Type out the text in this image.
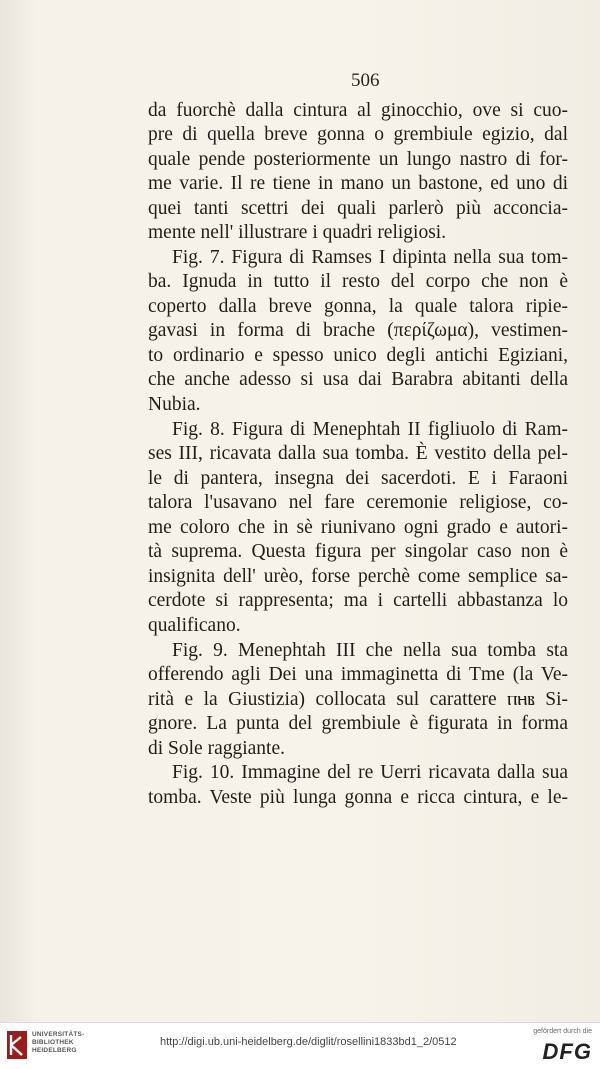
506
da fuorchè dalla cintura al ginocchio, ove si cuo-
pre di quella breve gonna o grembiule egizio, dal
quale pende posteriormente un lungo nastro di for-
me varie. Il re tiene in mano un bastone, ed uno di
quei tanti scettri dei quali parlerò più acconcia-
mente nell' illustrare i quadri religiosi.
Fig. 7. Figura di Ramses I dipinta nella sua tom-
ba. Ignuda in tutto il resto del corpo che non è
coperto dalla breve gonna, la quale talora ripie-
gavasi in forma di brache (περίζωμα), vestimen-
to ordinario e spesso unico degli antichi Egiziani,
che anche adesso si usa dai Barabra abitanti della
Nubia.
Fig. 8. Figura di Menephtah II figliuolo di Ram-
ses III, ricavata dalla sua tomba. È vestito della pel-
le di pantera, insegna dei sacerdoti. E i Faraoni
talora l'usavano nel fare ceremonie religiose, co-
me coloro che in sè riunivano ogni grado e autori-
tà suprema. Questa figura per singolar caso non è
insignita dell' urèo, forse perchè come semplice sa-
cerdote si rappresenta; ma i cartelli abbastanza lo
qualificano.
Fig. 9. Menephtah III che nella sua tomba sta
offerendo agli Dei una immaginetta di Tme (la Ve-
rità e la Giustizia) collocata sul carattere ⲡⲏⲃ Si-
gnore. La punta del grembiule è figurata in forma
di Sole raggiante.
Fig. 10. Immagine del re Uerri ricavata dalla sua
tomba. Veste più lunga gonna e ricca cintura, e le-
UNIVERSITÄTS-
BIBLIOTHEK
HEIDELBERG
http://digi.ub.uni-heidelberg.de/diglit/rosellini1833bd1_2/0512
gefördert durch die
DFG
